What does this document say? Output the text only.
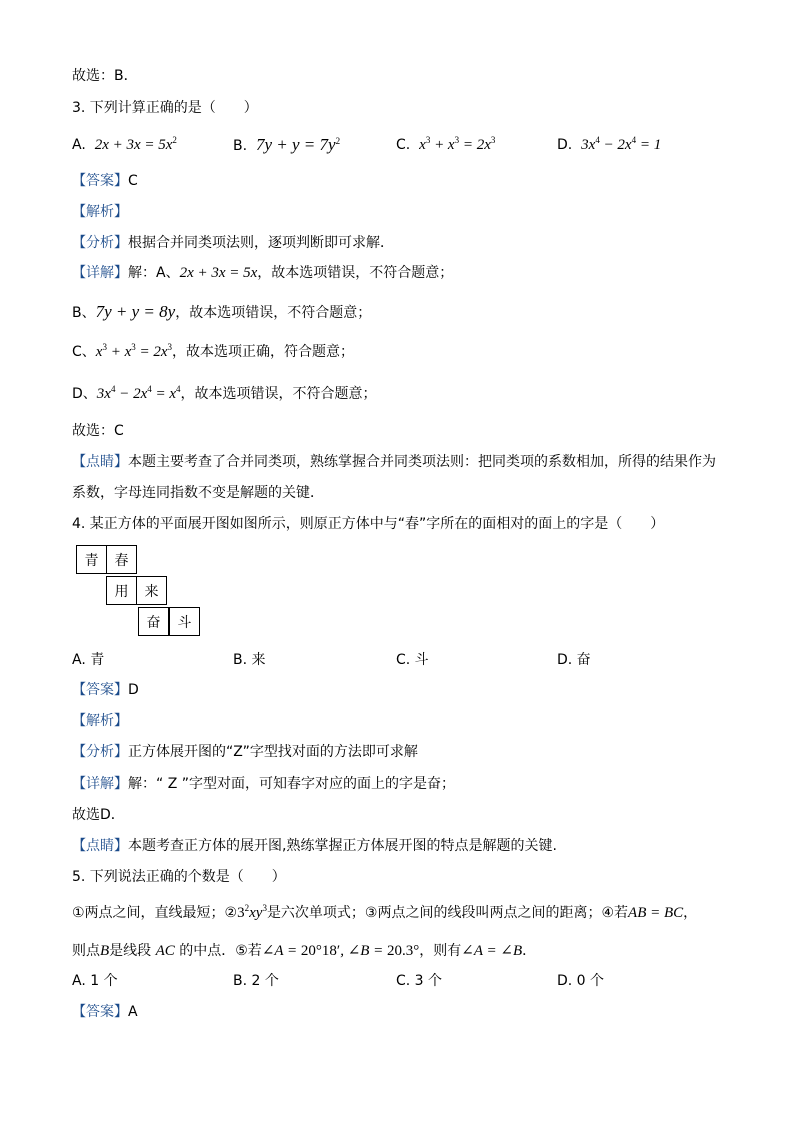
故选：B．
3. 下列计算正确的是（　　）
A. $2x + 3x = 5x^2$	B. $7y + y = 7y^2$	C. $x^3 + x^3 = 2x^3$	D. $3x^4 - 2x^4 = 1$
【答案】C
【解析】
【分析】根据合并同类项法则，逐项判断即可求解．
【详解】解：A、2x + 3x = 5x，故本选项错误，不符合题意；
B、7y + y = 8y，故本选项错误，不符合题意；
C、$x^3 + x^3 = 2x^3$，故本选项正确，符合题意；
D、$3x^4 - 2x^4 = x^4$，故本选项错误，不符合题意；
故选：C
【点睛】本题主要考查了合并同类项，熟练掌握合并同类项法则：把同类项的系数相加，所得的结果作为
系数，字母连同指数不变是解题的关键．
4. 某正方体的平面展开图如图所示，则原正方体中与“春”字所在的面相对的面上的字是（　　）
青	春
用	来
奋	斗
A. 青	B. 来	C. 斗	D. 奋
【答案】D
【解析】
【分析】正方体展开图的“Z”字型找对面的方法即可求解
【详解】解：“ Z ”字型对面，可知春字对应的面上的字是奋；
故选D．
【点睛】本题考查正方体的展开图,熟练掌握正方体展开图的特点是解题的关键.
5. 下列说法正确的个数是（　　）
①两点之间，直线最短；$②3^2xy^3$是六次单项式；③两点之间的线段叫两点之间的距离；④若AB = BC，
则点B是线段 AC 的中点．⑤若∠A = 20°18′, ∠B = 20.3°，则有∠A = ∠B．
A. 1 个	B. 2 个	C. 3 个	D. 0 个
【答案】A
